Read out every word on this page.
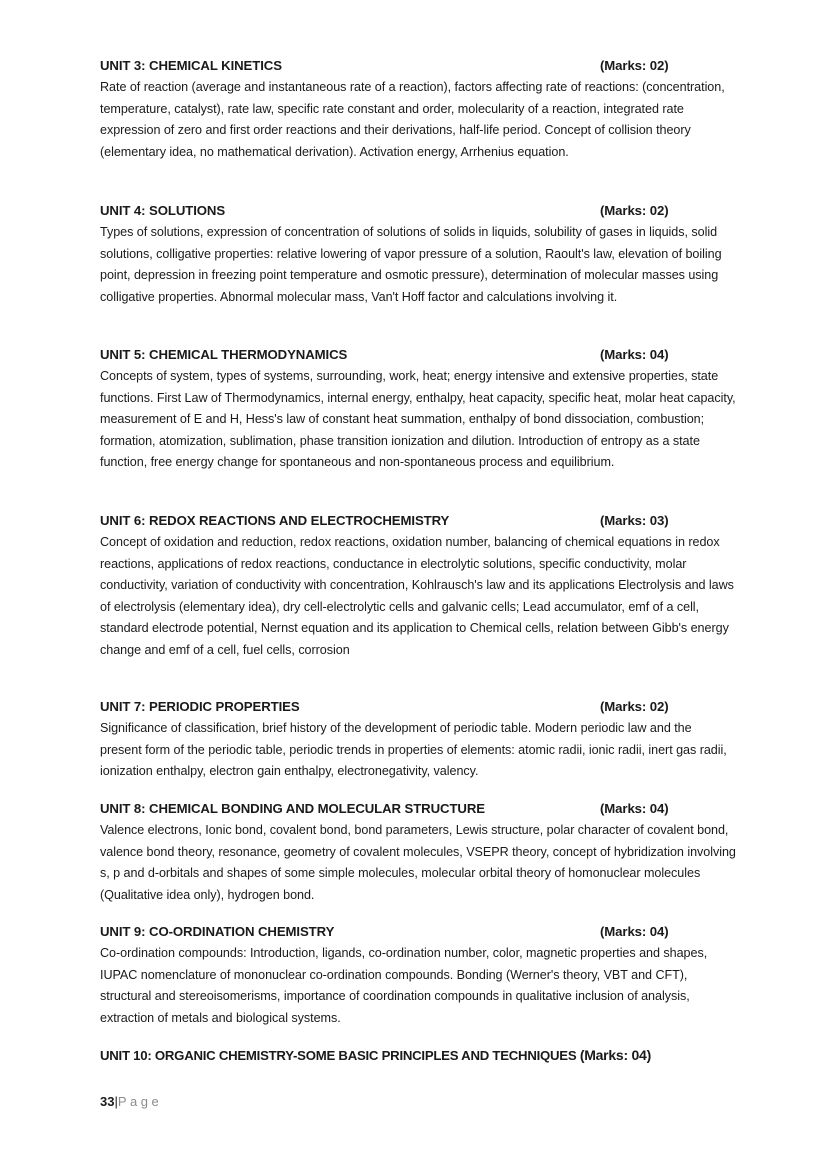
UNIT 3: CHEMICAL KINETICS	(Marks: 02)

Rate of reaction (average and instantaneous rate of a reaction), factors affecting rate of reactions: (concentration, temperature, catalyst), rate law, specific rate constant and order, molecularity of a reaction, integrated rate expression of zero and first order reactions and their derivations, half-life period. Concept of collision theory (elementary idea, no mathematical derivation). Activation energy, Arrhenius equation.

UNIT 4: SOLUTIONS	(Marks: 02)

Types of solutions, expression of concentration of solutions of solids in liquids, solubility of gases in liquids, solid solutions, colligative properties: relative lowering of vapor pressure of a solution, Raoult's law, elevation of boiling point, depression in freezing point temperature and osmotic pressure), determination of molecular masses using colligative properties. Abnormal molecular mass, Van't Hoff factor and calculations involving it.

UNIT 5: CHEMICAL THERMODYNAMICS	(Marks: 04)

Concepts of system, types of systems, surrounding, work, heat; energy intensive and extensive properties, state functions. First Law of Thermodynamics, internal energy, enthalpy, heat capacity, specific heat, molar heat capacity, measurement of E and H, Hess's law of constant heat summation, enthalpy of bond dissociation, combustion; formation, atomization, sublimation, phase transition ionization and dilution. Introduction of entropy as a state function, free energy change for spontaneous and non-spontaneous process and equilibrium.

UNIT 6: REDOX REACTIONS AND ELECTROCHEMISTRY	(Marks: 03)

Concept of oxidation and reduction, redox reactions, oxidation number, balancing of chemical equations in redox reactions, applications of redox reactions, conductance in electrolytic solutions, specific conductivity, molar conductivity, variation of conductivity with concentration, Kohlrausch's law and its applications Electrolysis and laws of electrolysis (elementary idea), dry cell-electrolytic cells and galvanic cells; Lead accumulator, emf of a cell, standard electrode potential, Nernst equation and its application to Chemical cells, relation between Gibb's energy change and emf of a cell, fuel cells, corrosion

UNIT 7: PERIODIC PROPERTIES	(Marks: 02)

Significance of classification, brief history of the development of periodic table. Modern periodic law and the present form of the periodic table, periodic trends in properties of elements: atomic radii, ionic radii, inert gas radii, ionization enthalpy, electron gain enthalpy, electronegativity, valency.

UNIT 8: CHEMICAL BONDING AND MOLECULAR STRUCTURE	(Marks: 04)

Valence electrons, Ionic bond, covalent bond, bond parameters, Lewis structure, polar character of covalent bond, valence bond theory, resonance, geometry of covalent molecules, VSEPR theory, concept of hybridization involving s, p and d-orbitals and shapes of some simple molecules, molecular orbital theory of homonuclear molecules (Qualitative idea only), hydrogen bond.

UNIT 9: CO-ORDINATION CHEMISTRY	(Marks: 04)

Co-ordination compounds: Introduction, ligands, co-ordination number, color, magnetic properties and shapes, IUPAC nomenclature of mononuclear co-ordination compounds. Bonding (Werner's theory, VBT and CFT), structural and stereoisomerisms, importance of coordination compounds in qualitative inclusion of analysis, extraction of metals and biological systems.

UNIT 10: ORGANIC CHEMISTRY-SOME BASIC PRINCIPLES AND TECHNIQUES (Marks: 04)
33|Page
